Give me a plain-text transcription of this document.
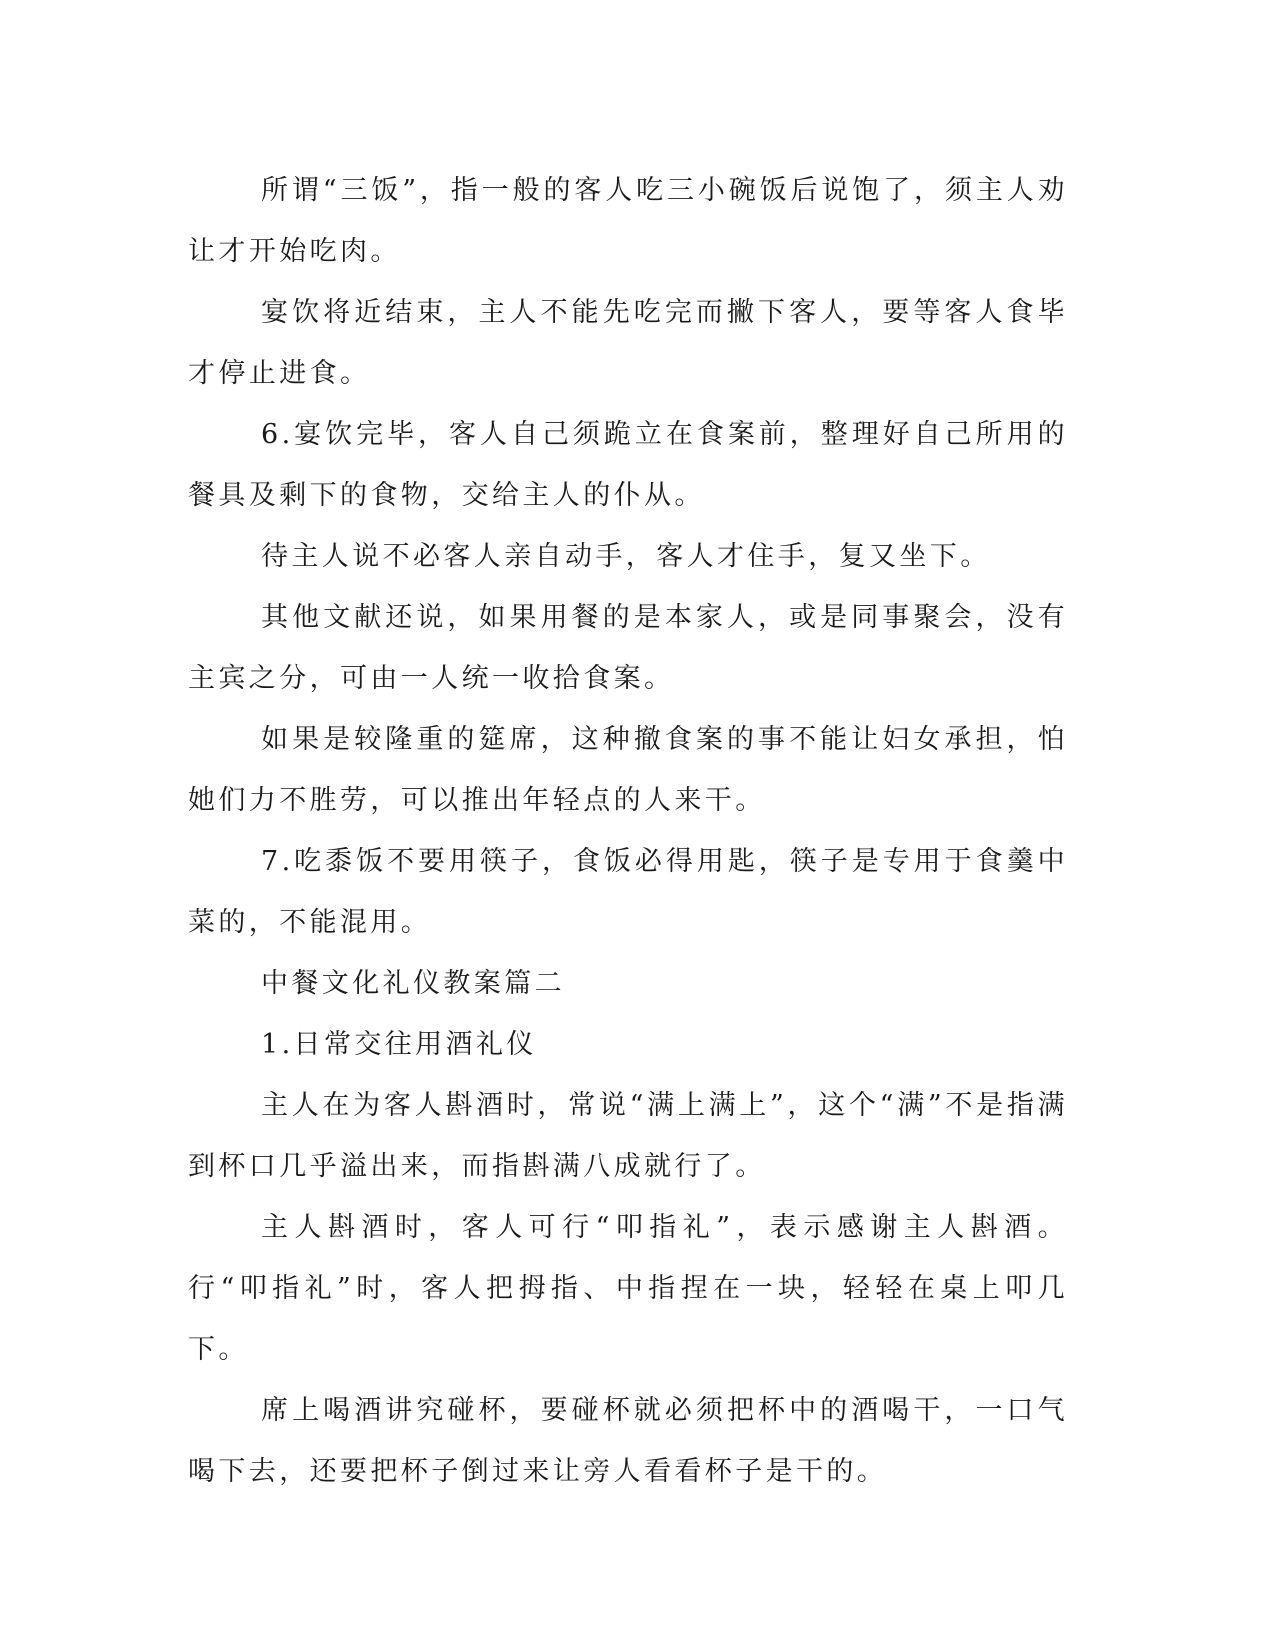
所谓“三饭”，指一般的客人吃三小碗饭后说饱了，须主人劝让才开始吃肉。

宴饮将近结束，主人不能先吃完而撇下客人，要等客人食毕才停止进食。

6.宴饮完毕，客人自己须跪立在食案前，整理好自己所用的餐具及剩下的食物，交给主人的仆从。

待主人说不必客人亲自动手，客人才住手，复又坐下。

其他文献还说，如果用餐的是本家人，或是同事聚会，没有主宾之分，可由一人统一收拾食案。

如果是较隆重的筵席，这种撤食案的事不能让妇女承担，怕她们力不胜劳，可以推出年轻点的人来干。

7.吃黍饭不要用筷子，食饭必得用匙，筷子是专用于食羹中菜的，不能混用。

中餐文化礼仪教案篇二

1.日常交往用酒礼仪

主人在为客人斟酒时，常说“满上满上”，这个“满”不是指满到杯口几乎溢出来，而指斟满八成就行了。

主人斟酒时，客人可行“叩指礼”，表示感谢主人斟酒。行“叩指礼”时，客人把拇指、中指捏在一块，轻轻在桌上叩几下。

席上喝酒讲究碰杯，要碰杯就必须把杯中的酒喝干，一口气喝下去，还要把杯子倒过来让旁人看看杯子是干的。
